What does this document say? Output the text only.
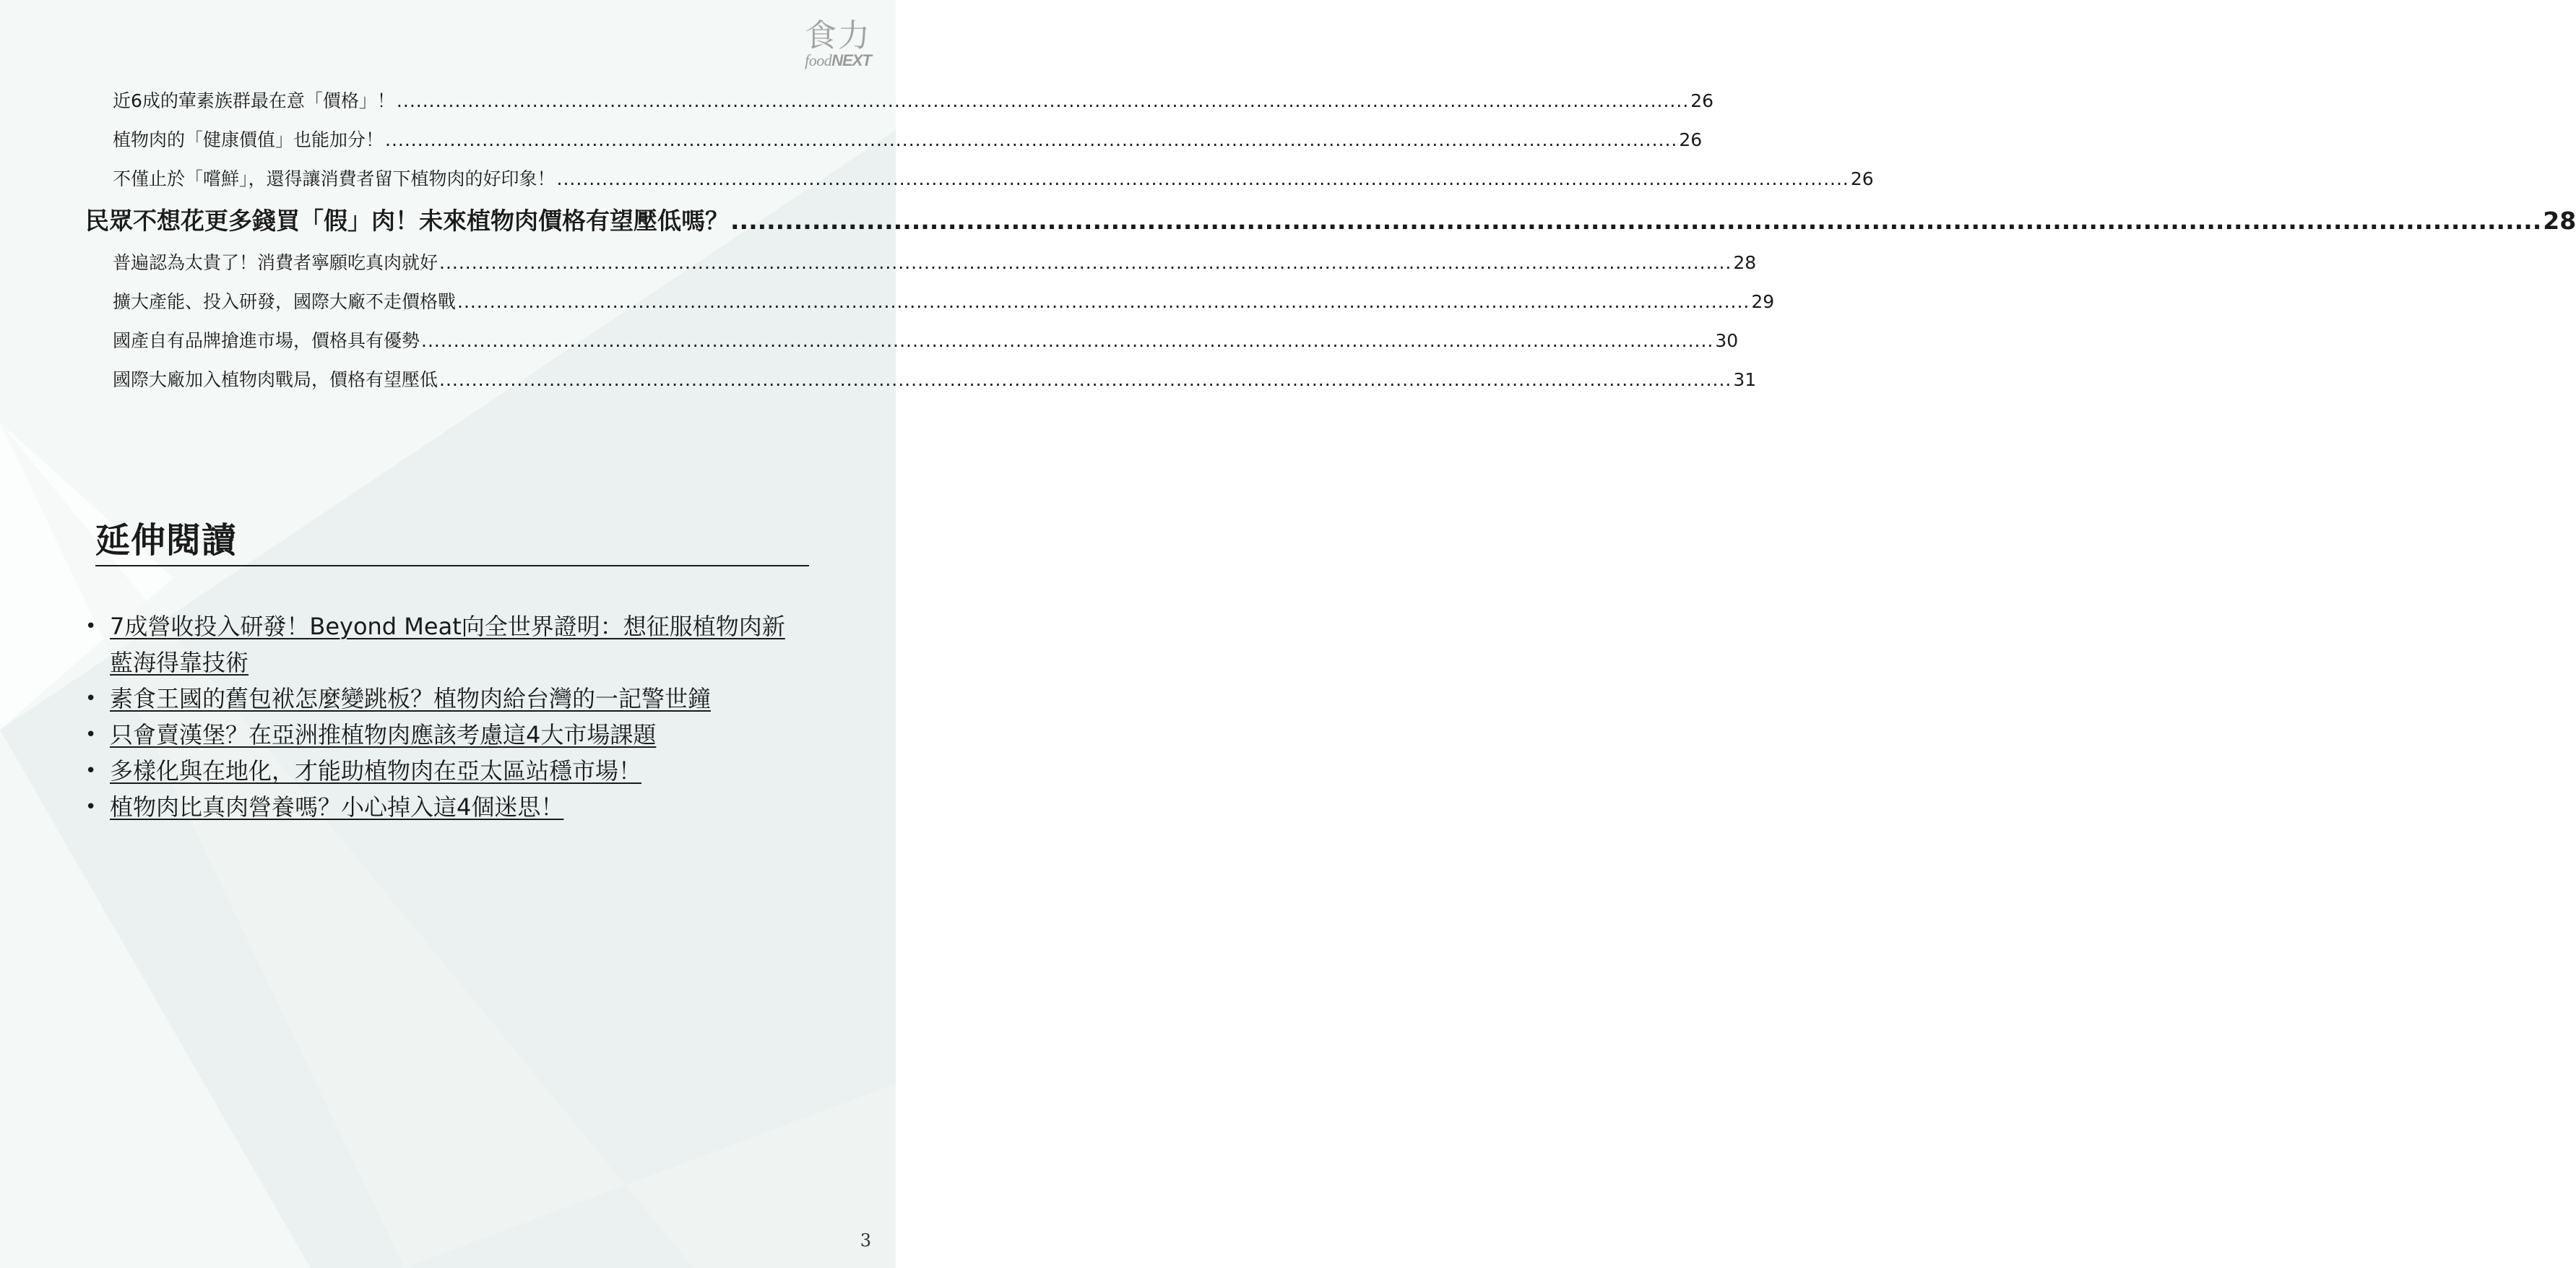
食力
foodNEXT
近6成的葷素族群最在意「價格」！ ........................................................................................................................................................................................................ 26
植物肉的「健康價值」也能加分！ ........................................................................................................................................................................................................ 26
不僅止於「嚐鮮」，還得讓消費者留下植物肉的好印象！ ........................................................................................................................................................................................................ 26
民眾不想花更多錢買「假」肉！未來植物肉價格有望壓低嗎？ ........................................................................................................................................................................................................ 28
普遍認為太貴了！消費者寧願吃真肉就好 ........................................................................................................................................................................................................ 28
擴大產能、投入研發，國際大廠不走價格戰 ........................................................................................................................................................................................................ 29
國產自有品牌搶進市場，價格具有優勢 ........................................................................................................................................................................................................ 30
國際大廠加入植物肉戰局，價格有望壓低 ........................................................................................................................................................................................................ 31
延伸閱讀
• 7成營收投入研發！Beyond Meat向全世界證明：想征服植物肉新藍海得靠技術
• 素食王國的舊包袱怎麼變跳板？植物肉給台灣的一記警世鐘
• 只會賣漢堡？在亞洲推植物肉應該考慮這4大市場課題
• 多樣化與在地化，才能助植物肉在亞太區站穩市場！
• 植物肉比真肉營養嗎？小心掉入這4個迷思！
3
